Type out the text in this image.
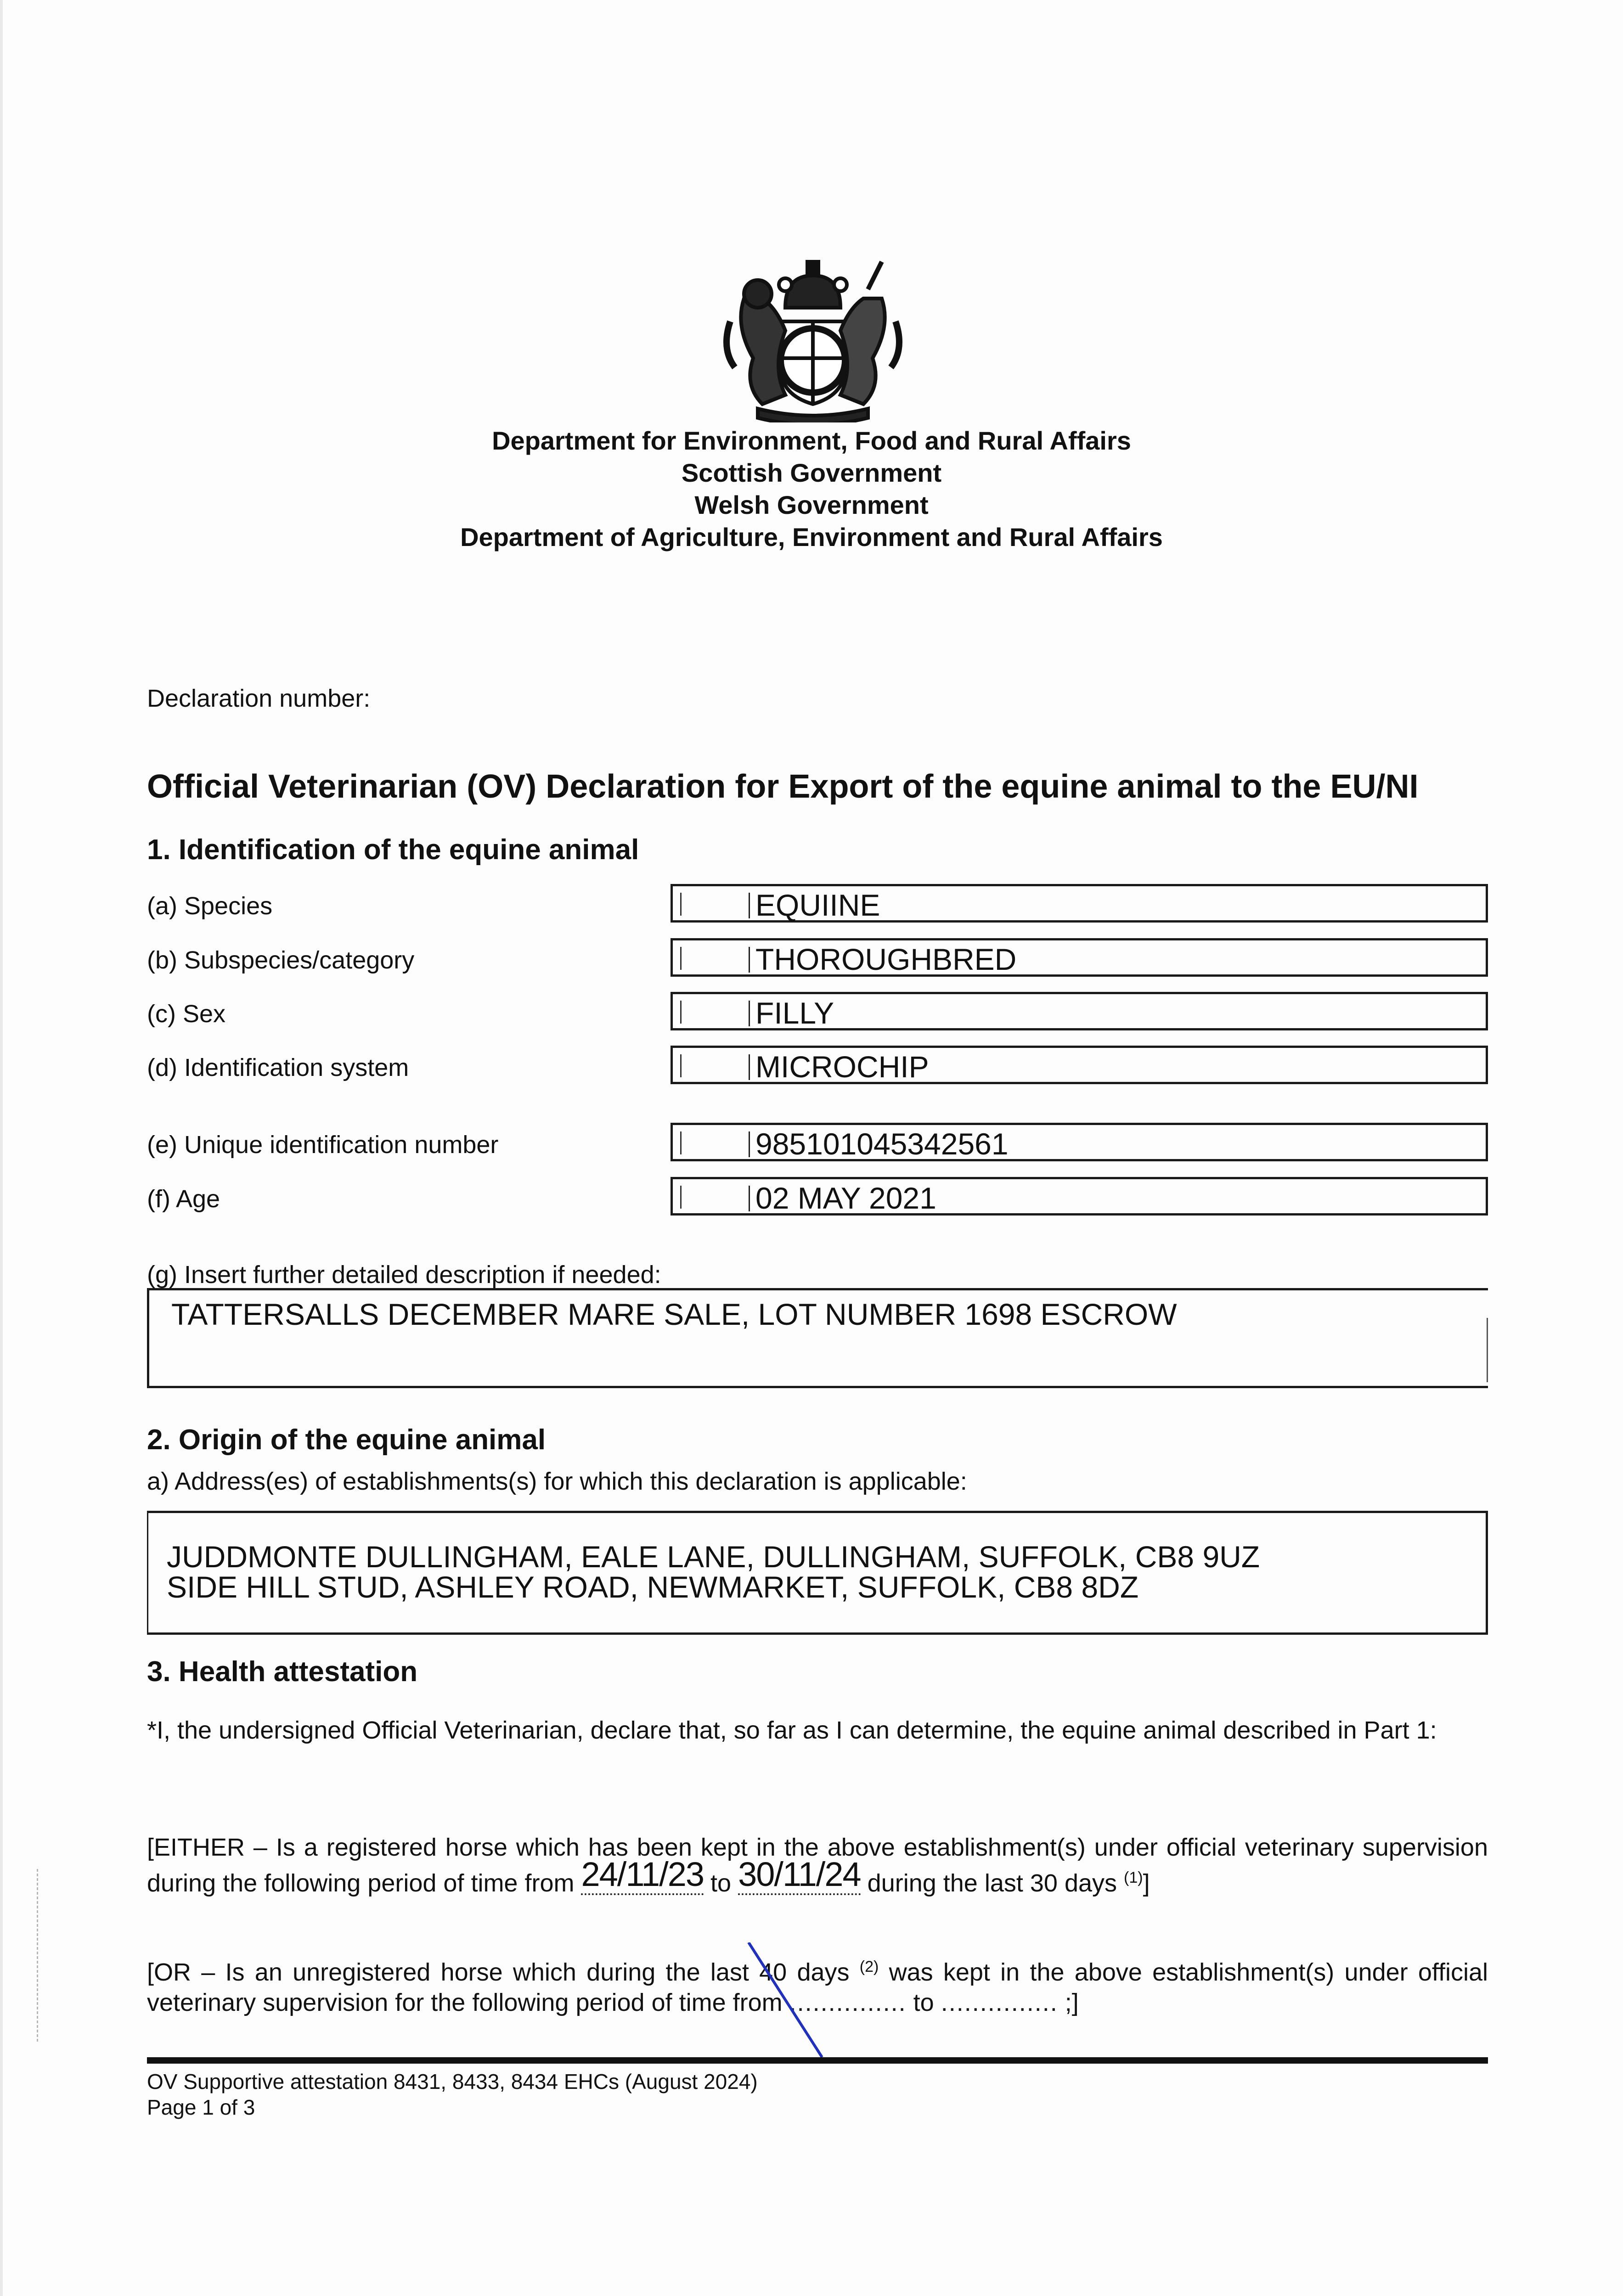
Department for Environment, Food and Rural Affairs
Scottish Government
Welsh Government
Department of Agriculture, Environment and Rural Affairs
Declaration number:
Official Veterinarian (OV) Declaration for Export of the equine animal to the EU/NI
1. Identification of the equine animal
(a) Species	EQUIINE
(b) Subspecies/category	THOROUGHBRED
(c) Sex	FILLY
(d) Identification system	MICROCHIP
(e) Unique identification number	985101045342561
(f) Age	02 MAY 2021
(g) Insert further detailed description if needed:
TATTERSALLS DECEMBER MARE SALE, LOT NUMBER 1698 ESCROW
2. Origin of the equine animal
a) Address(es) of establishments(s) for which this declaration is applicable:
JUDDMONTE DULLINGHAM, EALE LANE, DULLINGHAM, SUFFOLK, CB8 9UZ
SIDE HILL STUD, ASHLEY ROAD, NEWMARKET, SUFFOLK, CB8 8DZ
3. Health attestation
*I, the undersigned Official Veterinarian, declare that, so far as I can determine, the equine animal described in Part 1:
[EITHER – Is a registered horse which has been kept in the above establishment(s) under official veterinary supervision during the following period of time from 24/11/23 to 30/11/24 during the last 30 days $^{(1)}$]
[OR – Is an unregistered horse which during the last 40 days $^{(2)}$ was kept in the above establishment(s) under official veterinary supervision for the following period of time from ............... to ............... ;]
OV Supportive attestation 8431, 8433, 8434 EHCs (August 2024)
Page 1 of 3
